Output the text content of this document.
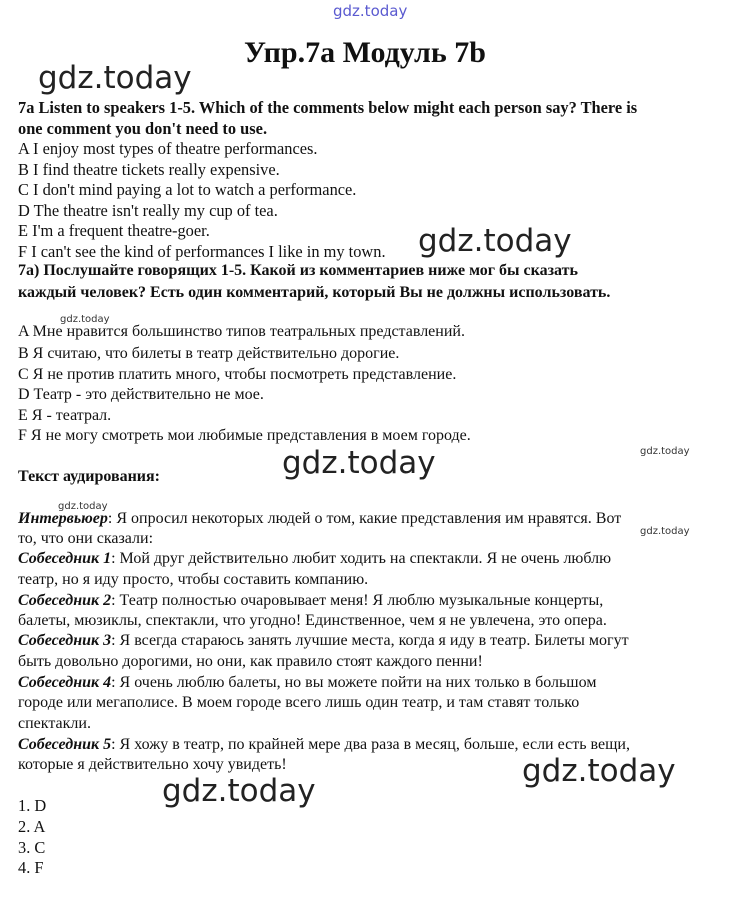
gdz.today
gdz.today
gdz.today
gdz.today
gdz.today
gdz.today
gdz.today
gdz.today
gdz.today
gdz.today
Упр.7a Модуль 7b
7a Listen to speakers 1-5. Which of the comments below might each person say? There is
one comment you don't need to use.
A I enjoy most types of theatre performances.
B I find theatre tickets really expensive.
C I don't mind paying a lot to watch a performance.
D The theatre isn't really my cup of tea.
E I'm a frequent theatre-goer.
F I can't see the kind of performances I like in my town.
7a) Послушайте говорящих 1-5. Какой из комментариев ниже мог бы сказать
каждый человек? Есть один комментарий, который Вы не должны использовать.
A Мне нравится большинство типов театральных представлений.
B Я считаю, что билеты в театр действительно дорогие.
C Я не против платить много, чтобы посмотреть представление.
D Театр - это действительно не мое.
E Я - театрал.
F Я не могу смотреть мои любимые представления в моем городе.
Текст аудирования:
Интервьюер: Я опросил некоторых людей о том, какие представления им нравятся. Вот
то, что они сказали:
Собеседник 1: Мой друг действительно любит ходить на спектакли. Я не очень люблю
театр, но я иду просто, чтобы составить компанию.
Собеседник 2: Театр полностью очаровывает меня! Я люблю музыкальные концерты,
балеты, мюзиклы, спектакли, что угодно! Единственное, чем я не увлечена, это опера.
Собеседник 3: Я всегда стараюсь занять лучшие места, когда я иду в театр. Билеты могут
быть довольно дорогими, но они, как правило стоят каждого пенни!
Собеседник 4: Я очень люблю балеты, но вы можете пойти на них только в большом
городе или мегаполисе. В моем городе всего лишь один театр, и там ставят только
спектакли.
Собеседник 5: Я хожу в театр, по крайней мере два раза в месяц, больше, если есть вещи,
которые я действительно хочу увидеть!
1. D
2. A
3. C
4. F
